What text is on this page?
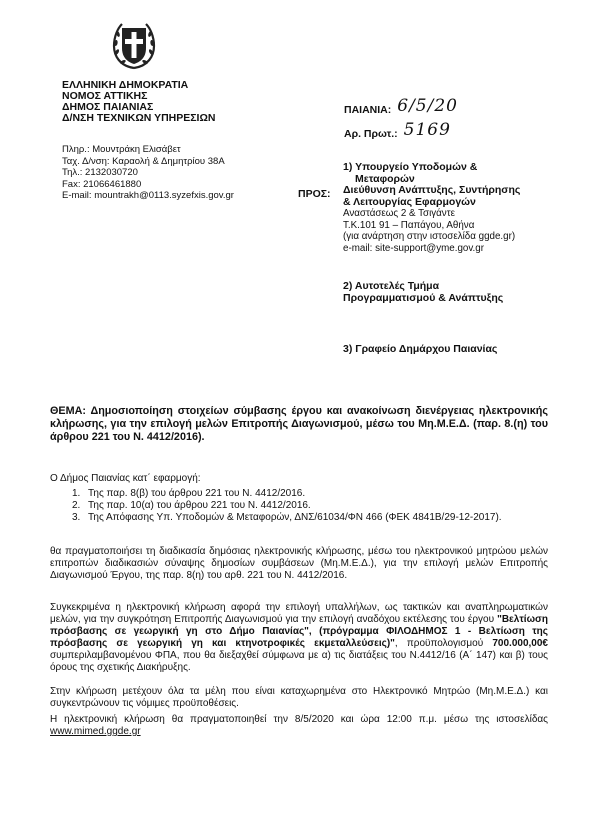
ΕΛΛΗΝΙΚΗ ΔΗΜΟΚΡΑΤΙΑ
ΝΟΜΟΣ ΑΤΤΙΚΗΣ
ΔΗΜΟΣ ΠΑΙΑΝΙΑΣ
Δ/ΝΣΗ ΤΕΧΝΙΚΩΝ ΥΠΗΡΕΣΙΩΝ
Πληρ.: Μουντράκη Ελισάβετ
Ταχ. Δ/νση: Καραολή & Δημητρίου 38Α
Τηλ.: 2132030720
Fax: 21066461880
E-mail: mountrakh@0113.syzefxis.gov.gr
ΠΑΙΑΝΙΑ: 6/5/20
Αρ. Πρωτ.: 5169
ΠΡΟΣ:
1) Υπουργείο Υποδομών &
Μεταφορών
Διεύθυνση Ανάπτυξης, Συντήρησης
& Λειτουργίας Εφαρμογών
Αναστάσεως 2 & Τσιγάντε
Τ.Κ.101 91 – Παπάγου, Αθήνα
(για ανάρτηση στην ιστοσελίδα ggde.gr)
e-mail: site-support@yme.gov.gr
2) Αυτοτελές Τμήμα
Προγραμματισμού & Ανάπτυξης
3) Γραφείο Δημάρχου Παιανίας
ΘΕΜΑ: Δημοσιοποίηση στοιχείων σύμβασης έργου και ανακοίνωση διενέργειας ηλεκτρονικής κλήρωσης, για την επιλογή μελών Επιτροπής Διαγωνισμού, μέσω του Μη.Μ.Ε.Δ. (παρ. 8.(η) του άρθρου 221 του Ν. 4412/2016).
Ο Δήμος Παιανίας κατ΄ εφαρμογή:
1. Της παρ. 8(β) του άρθρου 221 του Ν. 4412/2016.
2. Της παρ. 10(α) του άρθρου 221 του Ν. 4412/2016.
3. Της Απόφασης Υπ. Υποδομών & Μεταφορών, ΔΝΣ/61034/ΦΝ 466 (ΦΕΚ 4841Β/29-12-2017).
θα πραγματοποιήσει τη διαδικασία δημόσιας ηλεκτρονικής κλήρωσης, μέσω του ηλεκτρονικού μητρώου μελών επιτροπών διαδικασιών σύναψης δημοσίων συμβάσεων (Μη.Μ.Ε.Δ.), για την επιλογή μελών Επιτροπής Διαγωνισμού Έργου, της παρ. 8(η) του αρθ. 221 του Ν. 4412/2016.
Συγκεκριμένα η ηλεκτρονική κλήρωση αφορά την επιλογή υπαλλήλων, ως τακτικών και αναπληρωματικών μελών, για την συγκρότηση Επιτροπής Διαγωνισμού για την επιλογή αναδόχου εκτέλεσης του έργου "Βελτίωση πρόσβασης σε γεωργική γη στο Δήμο Παιανίας", (πρόγραμμα ΦΙΛΟΔΗΜΟΣ 1 - Βελτίωση της πρόσβασης σε γεωργική γη και κτηνοτροφικές εκμεταλλεύσεις)", προϋπολογισμού 700.000,00€ συμπεριλαμβανομένου ΦΠΑ, που θα διεξαχθεί σύμφωνα με α) τις διατάξεις του Ν.4412/16 (Α΄ 147) και β) τους όρους της σχετικής Διακήρυξης.
Στην κλήρωση μετέχουν όλα τα μέλη που είναι καταχωρημένα στο Ηλεκτρονικό Μητρώο (Μη.Μ.Ε.Δ.) και συγκεντρώνουν τις νόμιμες προϋποθέσεις.
Η ηλεκτρονική κλήρωση θα πραγματοποιηθεί την 8/5/2020 και ώρα 12:00 π.μ. μέσω της ιστοσελίδας www.mimed.ggde.gr
